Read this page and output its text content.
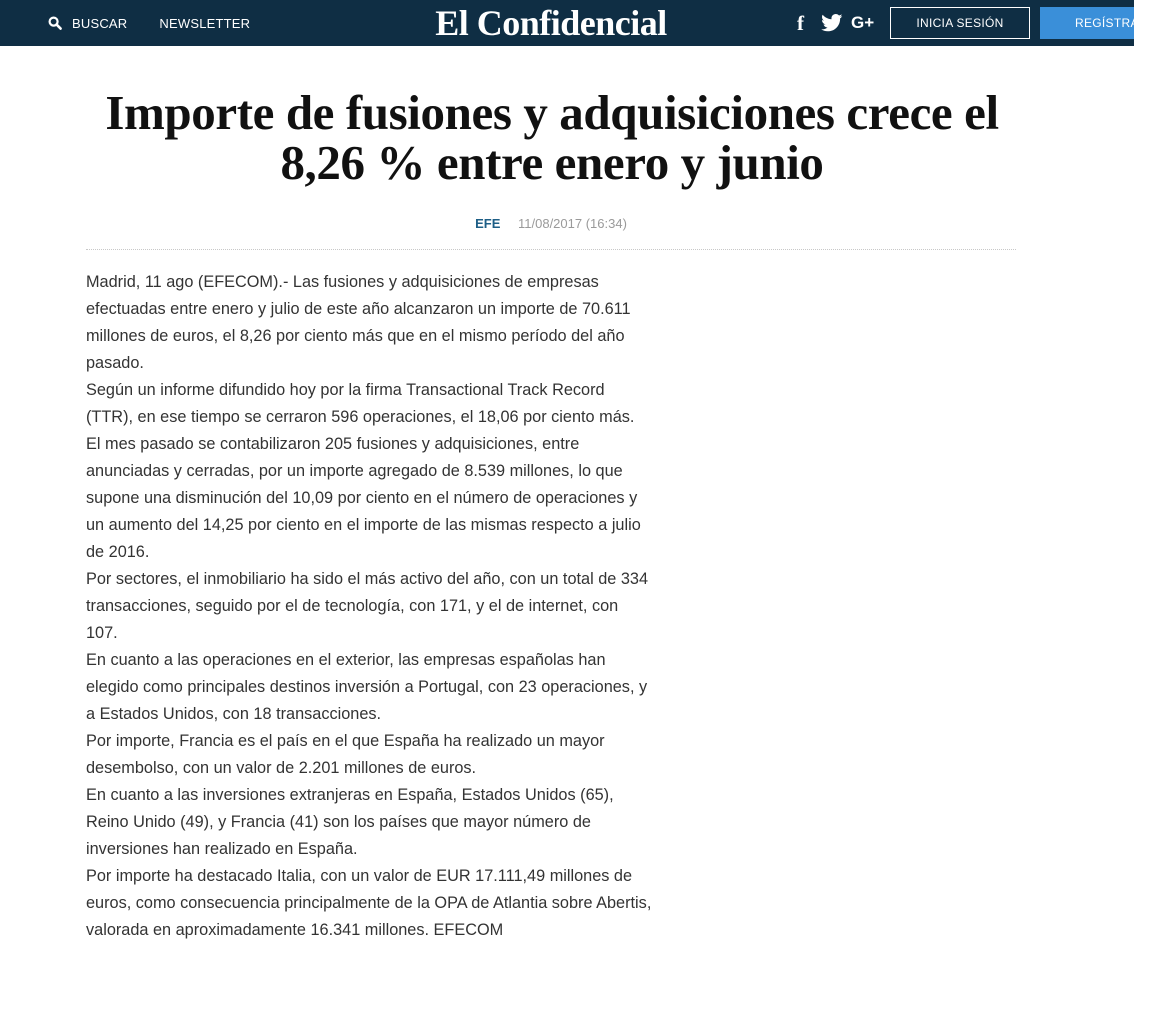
BUSCAR NEWSLETTER	El Confidencial	f	G+	INICIA SESIÓN	REGÍSTRATE
Importe de fusiones y adquisiciones crece el 8,26 % entre enero y junio
EFE 11/08/2017 (16:34)

Madrid, 11 ago (EFECOM).- Las fusiones y adquisiciones de empresas efectuadas entre enero y julio de este año alcanzaron un importe de 70.611 millones de euros, el 8,26 por ciento más que en el mismo período del año pasado.

Según un informe difundido hoy por la firma Transactional Track Record (TTR), en ese tiempo se cerraron 596 operaciones, el 18,06 por ciento más.

El mes pasado se contabilizaron 205 fusiones y adquisiciones, entre anunciadas y cerradas, por un importe agregado de 8.539 millones, lo que supone una disminución del 10,09 por ciento en el número de operaciones y un aumento del 14,25 por ciento en el importe de las mismas respecto a julio de 2016.

Por sectores, el inmobiliario ha sido el más activo del año, con un total de 334 transacciones, seguido por el de tecnología, con 171, y el de internet, con 107.

En cuanto a las operaciones en el exterior, las empresas españolas han elegido como principales destinos inversión a Portugal, con 23 operaciones, y a Estados Unidos, con 18 transacciones.

Por importe, Francia es el país en el que España ha realizado un mayor desembolso, con un valor de 2.201 millones de euros.

En cuanto a las inversiones extranjeras en España, Estados Unidos (65), Reino Unido (49), y Francia (41) son los países que mayor número de inversiones han realizado en España.

Por importe ha destacado Italia, con un valor de EUR 17.111,49 millones de euros, como consecuencia principalmente de la OPA de Atlantia sobre Abertis, valorada en aproximadamente 16.341 millones. EFECOM
